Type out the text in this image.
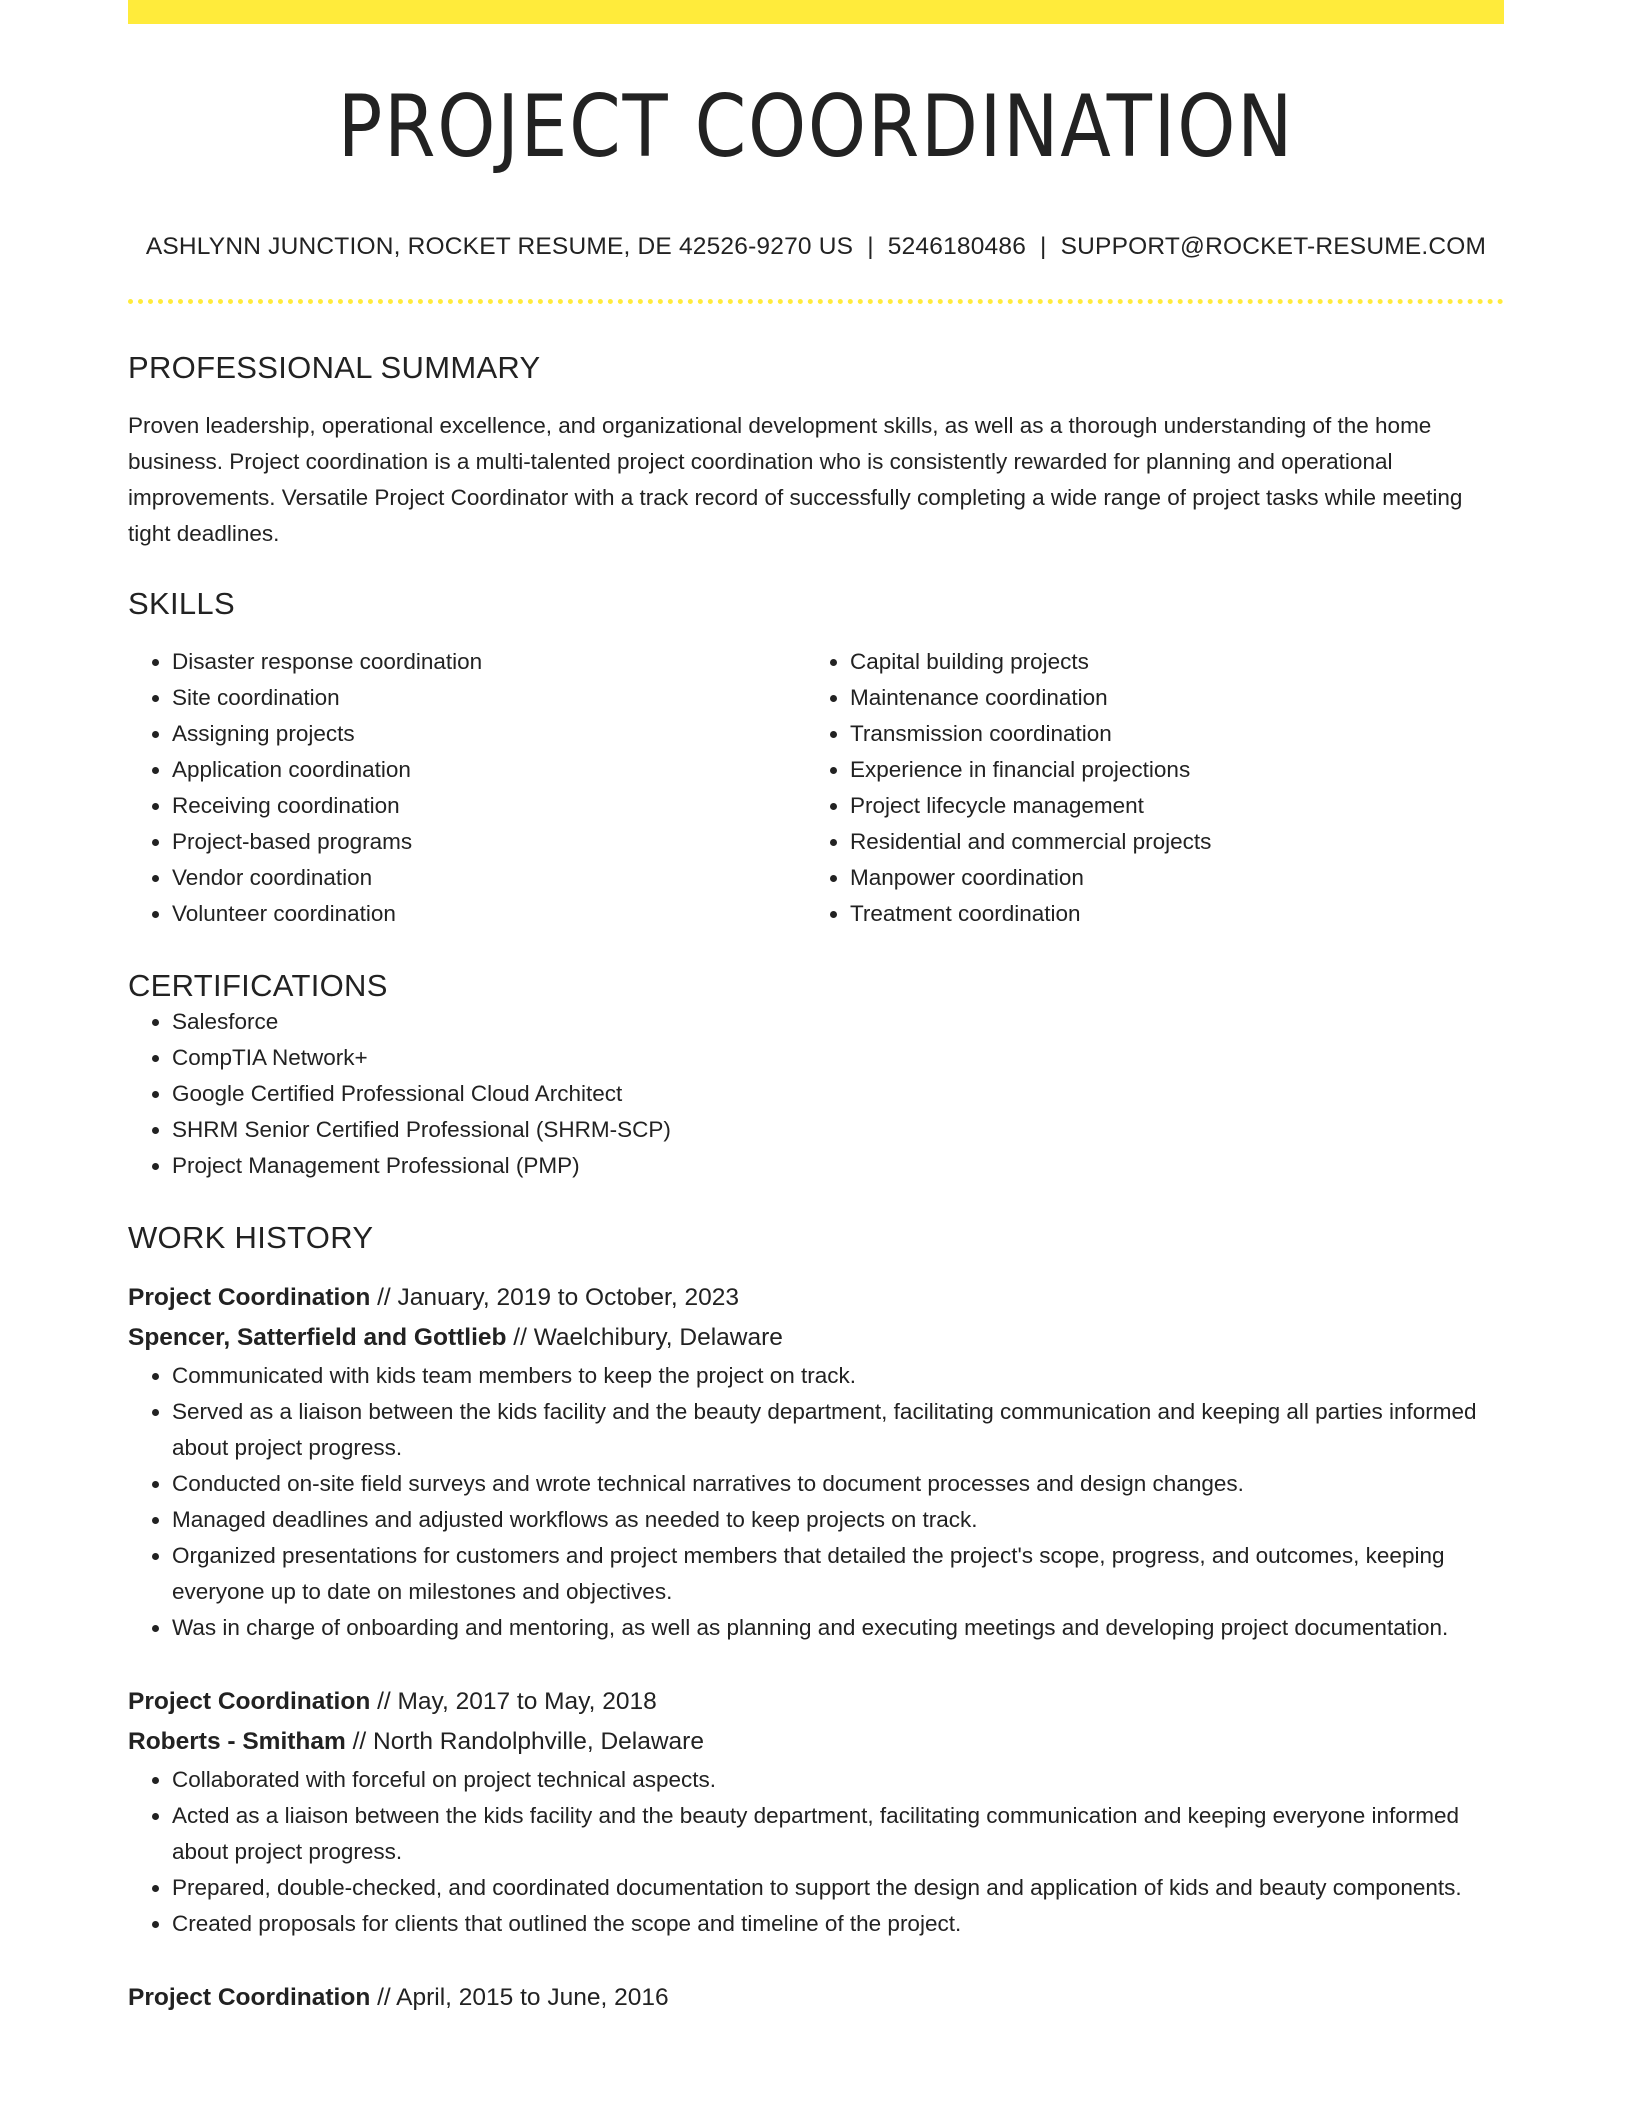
PROJECT COORDINATION
ASHLYNN JUNCTION, ROCKET RESUME, DE 42526-9270 US | 5246180486 | SUPPORT@ROCKET-RESUME.COM
PROFESSIONAL SUMMARY
Proven leadership, operational excellence, and organizational development skills, as well as a thorough understanding of the home business. Project coordination is a multi-talented project coordination who is consistently rewarded for planning and operational improvements. Versatile Project Coordinator with a track record of successfully completing a wide range of project tasks while meeting tight deadlines.
SKILLS
• Disaster response coordination
• Site coordination
• Assigning projects
• Application coordination
• Receiving coordination
• Project-based programs
• Vendor coordination
• Volunteer coordination
• Capital building projects
• Maintenance coordination
• Transmission coordination
• Experience in financial projections
• Project lifecycle management
• Residential and commercial projects
• Manpower coordination
• Treatment coordination
CERTIFICATIONS
• Salesforce
• CompTIA Network+
• Google Certified Professional Cloud Architect
• SHRM Senior Certified Professional (SHRM-SCP)
• Project Management Professional (PMP)
WORK HISTORY
Project Coordination // January, 2019 to October, 2023
Spencer, Satterfield and Gottlieb // Waelchibury, Delaware
• Communicated with kids team members to keep the project on track.
• Served as a liaison between the kids facility and the beauty department, facilitating communication and keeping all parties informed about project progress.
• Conducted on-site field surveys and wrote technical narratives to document processes and design changes.
• Managed deadlines and adjusted workflows as needed to keep projects on track.
• Organized presentations for customers and project members that detailed the project's scope, progress, and outcomes, keeping everyone up to date on milestones and objectives.
• Was in charge of onboarding and mentoring, as well as planning and executing meetings and developing project documentation.
Project Coordination // May, 2017 to May, 2018
Roberts - Smitham // North Randolphville, Delaware
• Collaborated with forceful on project technical aspects.
• Acted as a liaison between the kids facility and the beauty department, facilitating communication and keeping everyone informed about project progress.
• Prepared, double-checked, and coordinated documentation to support the design and application of kids and beauty components.
• Created proposals for clients that outlined the scope and timeline of the project.
Project Coordination // April, 2015 to June, 2016
